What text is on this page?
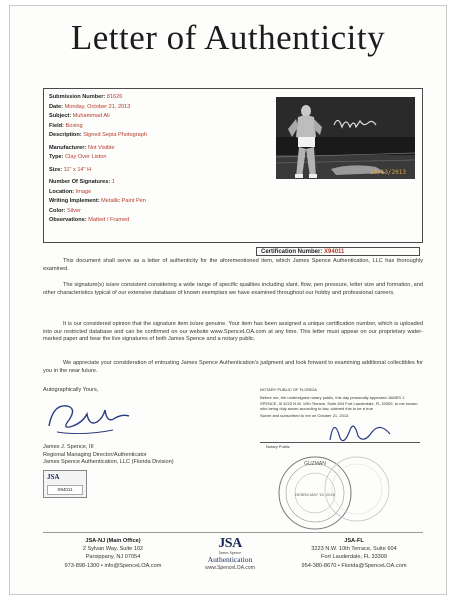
Letter of Authenticity
Submission Number: 81626
Date: Monday, October 21, 2013
Subject: Muhammad Ali
Field: Boxing
Description: Signed Sepia Photograph
Manufacturer: Not Visible
Type: Clay Over Liston
Size: 11" x 14" H
Number Of Signatures: 1
Location: Image
Writing Implement: Metallic Paint Pen
Color: Silver
Observations: Matted / Framed
10/13/2013
Certification Number: X94011

This document shall serve as a letter of authenticity for the aforementioned item, which James Spence Authentication, LLC has thoroughly examined.

The signature(s) is/are consistent considering a wide range of specific qualities including slant, flow, pen pressure, letter size and formation, and other characteristics typical of our extensive database of known exemplars we have examined throughout our hobby and professional careers.

It is our considered opinion that the signature item is/are genuine. Your item has been assigned a unique certification number, which is uploaded into our restricted database and can be confirmed on our website www.SpenceLOA.com at any time. This letter must appear on our proprietary water-marked paper and bear the live signatures of both James Spence and a notary public.

We appreciate your consideration of entrusting James Spence Authentication's judgment and look forward to examining additional collectibles for you in the near future.

Autographically Yours,
James J. Spence, III
Regional Managing Director/Authenticator
James Spence Authentication, LLC (Florida Division)
JSA
X94011
NOTARY PUBLIC OF FLORIDA
Before me, the undersigned notary public, this day personally appeared JAMES J. SPENCE, III 3223 N.W. 10th Terrace, Suite 604 Fort Lauderdale, FL 33309, to me known who being duly sworn according to law, claimed this to be a true
Sworn and subscribed to me on October 21, 2013.
Notary Public
GUZMAN
DEBRA MAY 15, 2016
JSA-NJ (Main Office)
2 Sylvan Way, Suite 102
Parsippany, NJ 07054
973-898-1300 • info@SpenceLOA.com
JSA
James Spence
Authentication
www.SpenceLOA.com
JSA-FL
3223 N.W. 10th Terrace, Suite 604
Fort Lauderdale, FL 33309
954-380-8670 • Florida@SpenceLOA.com
